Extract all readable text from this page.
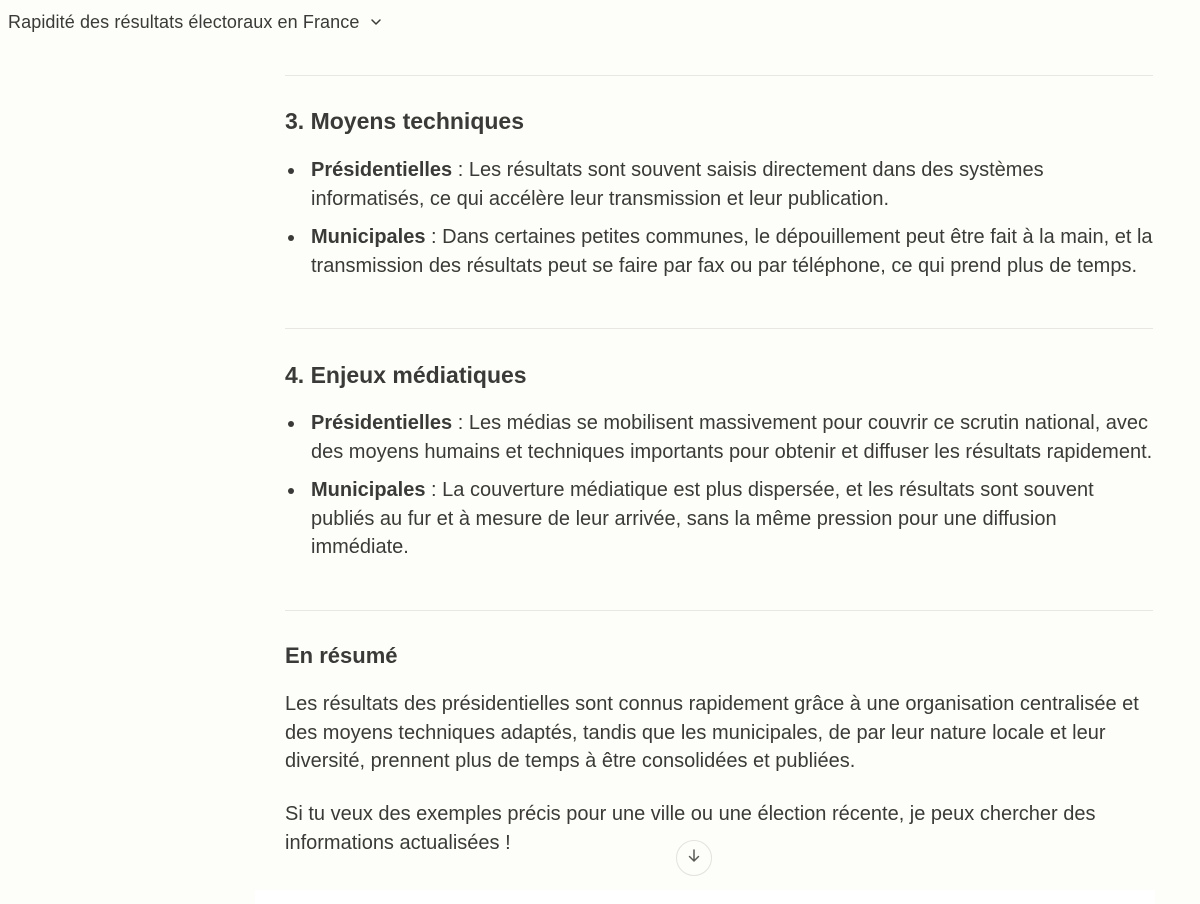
Rapidité des résultats électoraux en France
3. Moyens techniques
Présidentielles : Les résultats sont souvent saisis directement dans des systèmes informatisés, ce qui accélère leur transmission et leur publication.
Municipales : Dans certaines petites communes, le dépouillement peut être fait à la main, et la transmission des résultats peut se faire par fax ou par téléphone, ce qui prend plus de temps.
4. Enjeux médiatiques
Présidentielles : Les médias se mobilisent massivement pour couvrir ce scrutin national, avec des moyens humains et techniques importants pour obtenir et diffuser les résultats rapidement.
Municipales : La couverture médiatique est plus dispersée, et les résultats sont souvent publiés au fur et à mesure de leur arrivée, sans la même pression pour une diffusion immédiate.
En résumé

Les résultats des présidentielles sont connus rapidement grâce à une organisation centralisée et des moyens techniques adaptés, tandis que les municipales, de par leur nature locale et leur diversité, prennent plus de temps à être consolidées et publiées.

Si tu veux des exemples précis pour une ville ou une élection récente, je peux chercher des informations actualisées !
